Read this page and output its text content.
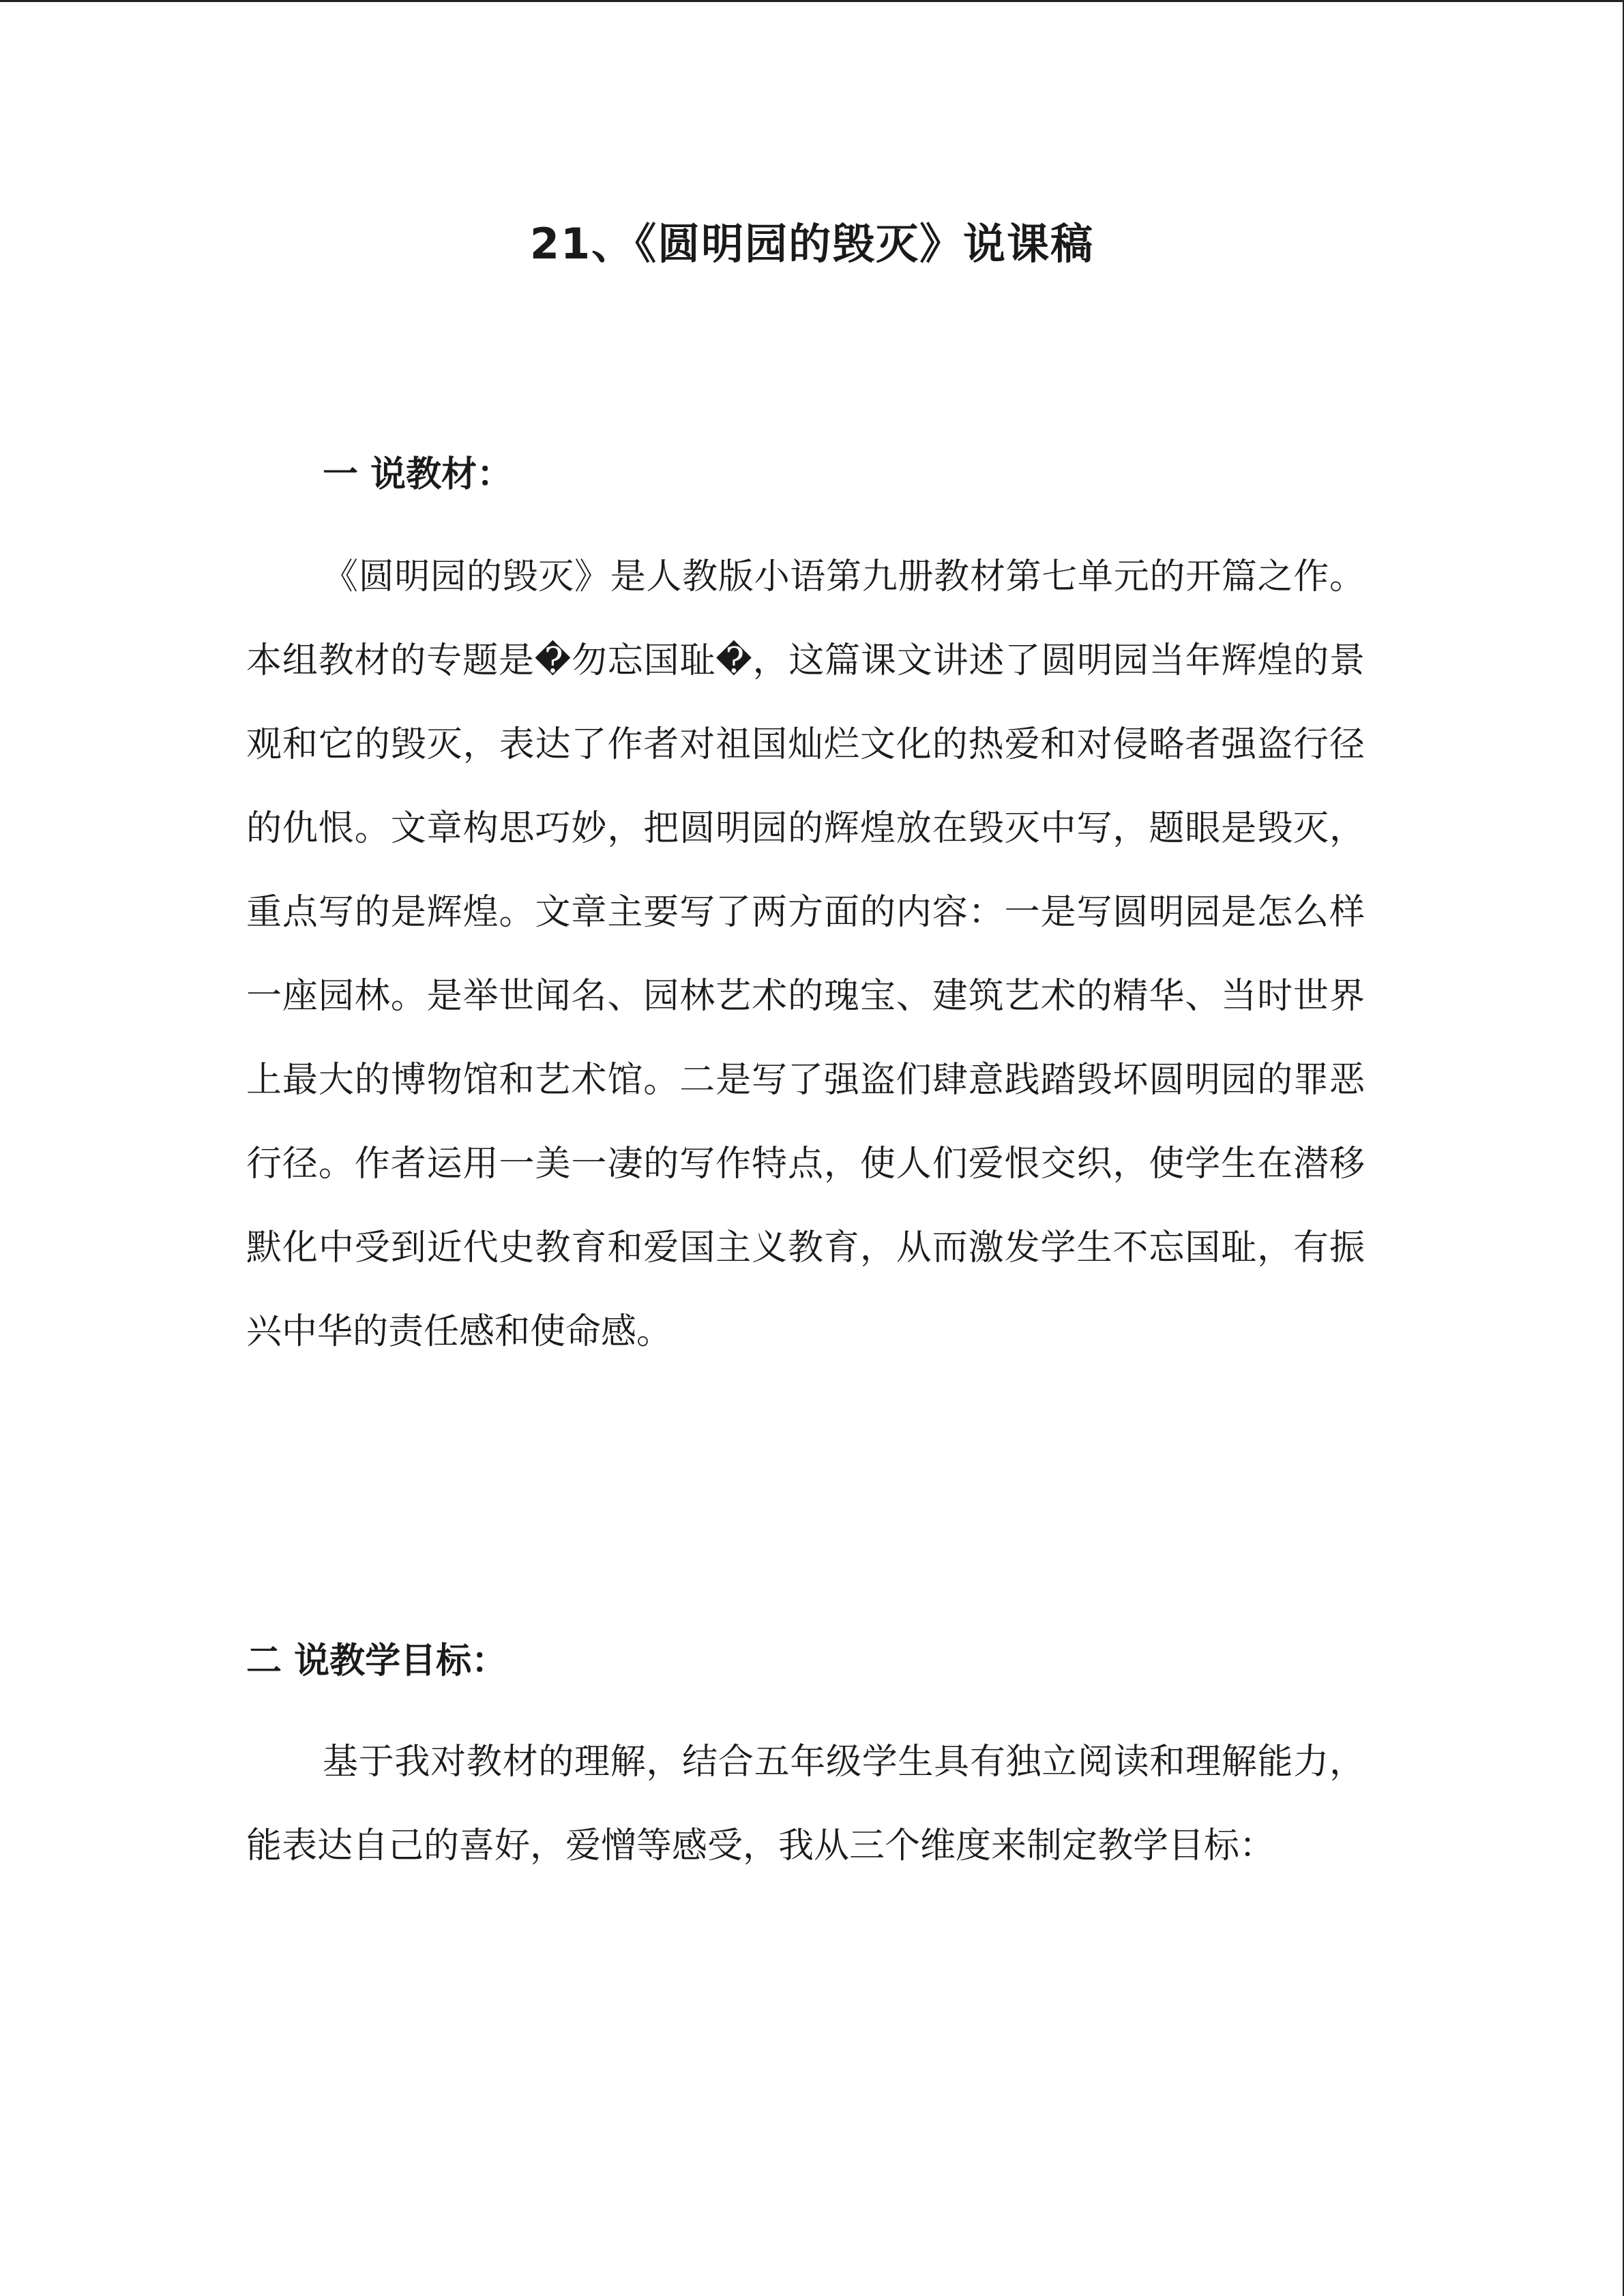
21、《圆明园的毁灭》说课稿
一 说教材：

《圆明园的毁灭》是人教版小语第九册教材第七单元的开篇之作。本组教材的专题是�勿忘国耻�，这篇课文讲述了圆明园当年辉煌的景观和它的毁灭，表达了作者对祖国灿烂文化的热爱和对侵略者强盗行径的仇恨。文章构思巧妙，把圆明园的辉煌放在毁灭中写，题眼是毁灭，重点写的是辉煌。文章主要写了两方面的内容：一是写圆明园是怎么样一座园林。是举世闻名、园林艺术的瑰宝、建筑艺术的精华、当时世界上最大的博物馆和艺术馆。二是写了强盗们肆意践踏毁坏圆明园的罪恶行径。作者运用一美一凄的写作特点，使人们爱恨交织，使学生在潜移默化中受到近代史教育和爱国主义教育，从而激发学生不忘国耻，有振兴中华的责任感和使命感。

二 说教学目标：

基于我对教材的理解，结合五年级学生具有独立阅读和理解能力，能表达自己的喜好，爱憎等感受，我从三个维度来制定教学目标：
